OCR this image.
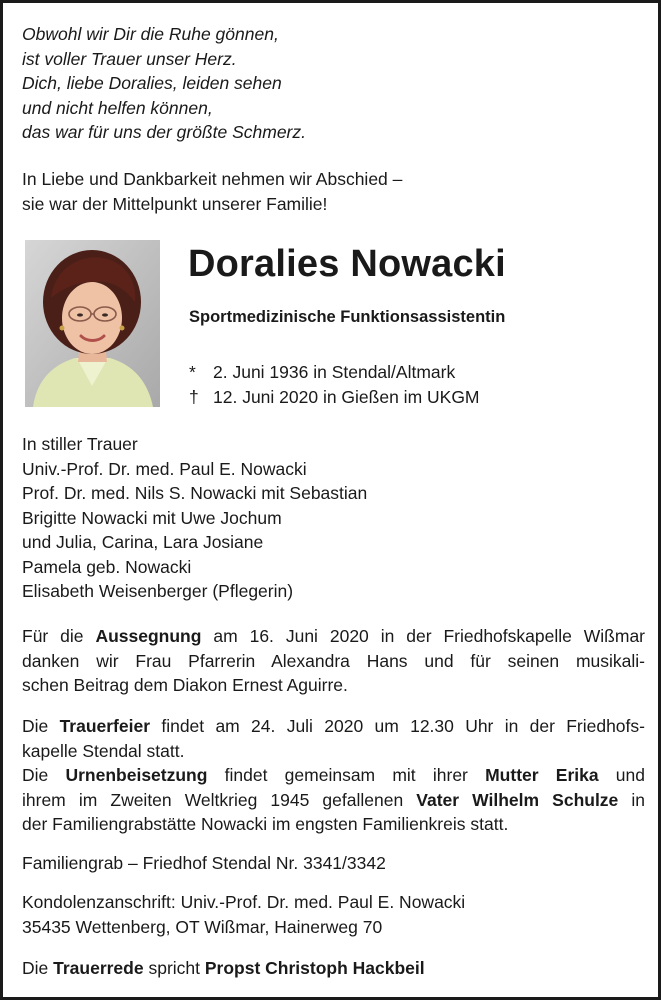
Obwohl wir Dir die Ruhe gönnen,
ist voller Trauer unser Herz.
Dich, liebe Doralies, leiden sehen
und nicht helfen können,
das war für uns der größte Schmerz.
In Liebe und Dankbarkeit nehmen wir Abschied –
sie war der Mittelpunkt unserer Familie!
Doralies Nowacki
Sportmedizinische Funktionsassistentin
* 2. Juni 1936 in Stendal/Altmark
† 12. Juni 2020 in Gießen im UKGM
In stiller Trauer
Univ.-Prof. Dr. med. Paul E. Nowacki
Prof. Dr. med. Nils S. Nowacki mit Sebastian
Brigitte Nowacki mit Uwe Jochum
und Julia, Carina, Lara Josiane
Pamela geb. Nowacki
Elisabeth Weisenberger (Pflegerin)
Für die Aussegnung am 16. Juni 2020 in der Friedhofskapelle Wißmar
danken wir Frau Pfarrerin Alexandra Hans und für seinen musikali-
schen Beitrag dem Diakon Ernest Aguirre.
Die Trauerfeier findet am 24. Juli 2020 um 12.30 Uhr in der Friedhofs-
kapelle Stendal statt.
Die Urnenbeisetzung findet gemeinsam mit ihrer Mutter Erika und
ihrem im Zweiten Weltkrieg 1945 gefallenen Vater Wilhelm Schulze in
der Familiengrabstätte Nowacki im engsten Familienkreis statt.
Familiengrab – Friedhof Stendal Nr. 3341/3342
Kondolenzanschrift: Univ.-Prof. Dr. med. Paul E. Nowacki
35435 Wettenberg, OT Wißmar, Hainerweg 70
Die Trauerrede spricht Propst Christoph Hackbeil
